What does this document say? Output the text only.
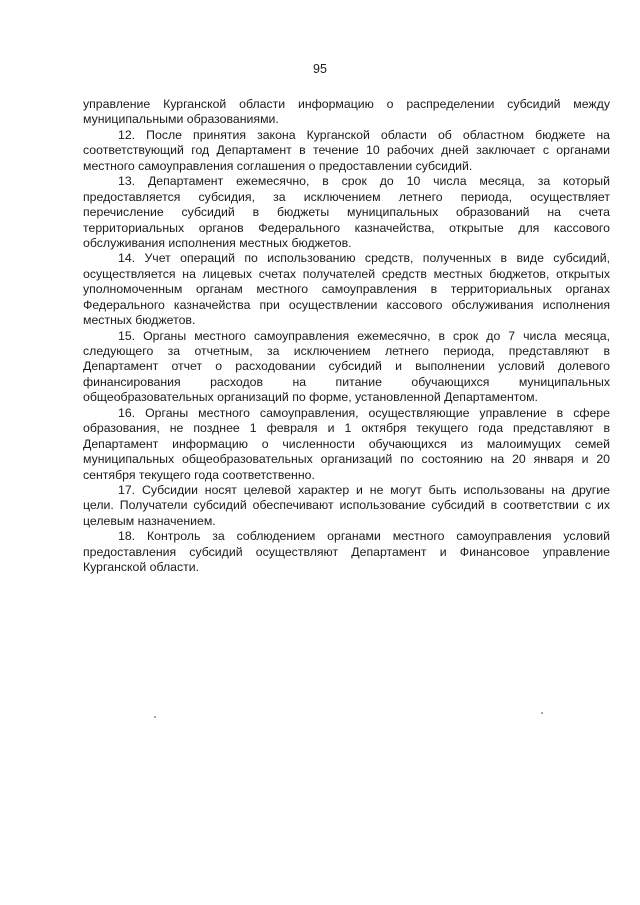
95
управление Курганской области информацию о распределении субсидий между
муниципальными образованиями.
12. После принятия закона Курганской области об областном бюджете на
соответствующий год Департамент в течение 10 рабочих дней заключает с органами
местного самоуправления соглашения о предоставлении субсидий.
13. Департамент ежемесячно, в срок до 10 числа месяца, за который
предоставляется субсидия, за исключением летнего периода, осуществляет
перечисление субсидий в бюджеты муниципальных образований на счета
территориальных органов Федерального казначейства, открытые для кассового
обслуживания исполнения местных бюджетов.
14. Учет операций по использованию средств, полученных в виде субсидий,
осуществляется на лицевых счетах получателей средств местных бюджетов, открытых
уполномоченным органам местного самоуправления в территориальных органах
Федерального казначейства при осуществлении кассового обслуживания исполнения
местных бюджетов.
15. Органы местного самоуправления ежемесячно, в срок до 7 числа месяца,
следующего за отчетным, за исключением летнего периода, представляют в
Департамент отчет о расходовании субсидий и выполнении условий долевого
финансирования расходов на питание обучающихся муниципальных
общеобразовательных организаций по форме, установленной Департаментом.
16. Органы местного самоуправления, осуществляющие управление в сфере
образования, не позднее 1 февраля и 1 октября текущего года представляют в
Департамент информацию о численности обучающихся из малоимущих семей
муниципальных общеобразовательных организаций по состоянию на 20 января и 20
сентября текущего года соответственно.
17. Субсидии носят целевой характер и не могут быть использованы на другие
цели. Получатели субсидий обеспечивают использование субсидий в соответствии с их
целевым назначением.
18. Контроль за соблюдением органами местного самоуправления условий
предоставления субсидий осуществляют Департамент и Финансовое управление
Курганской области.
